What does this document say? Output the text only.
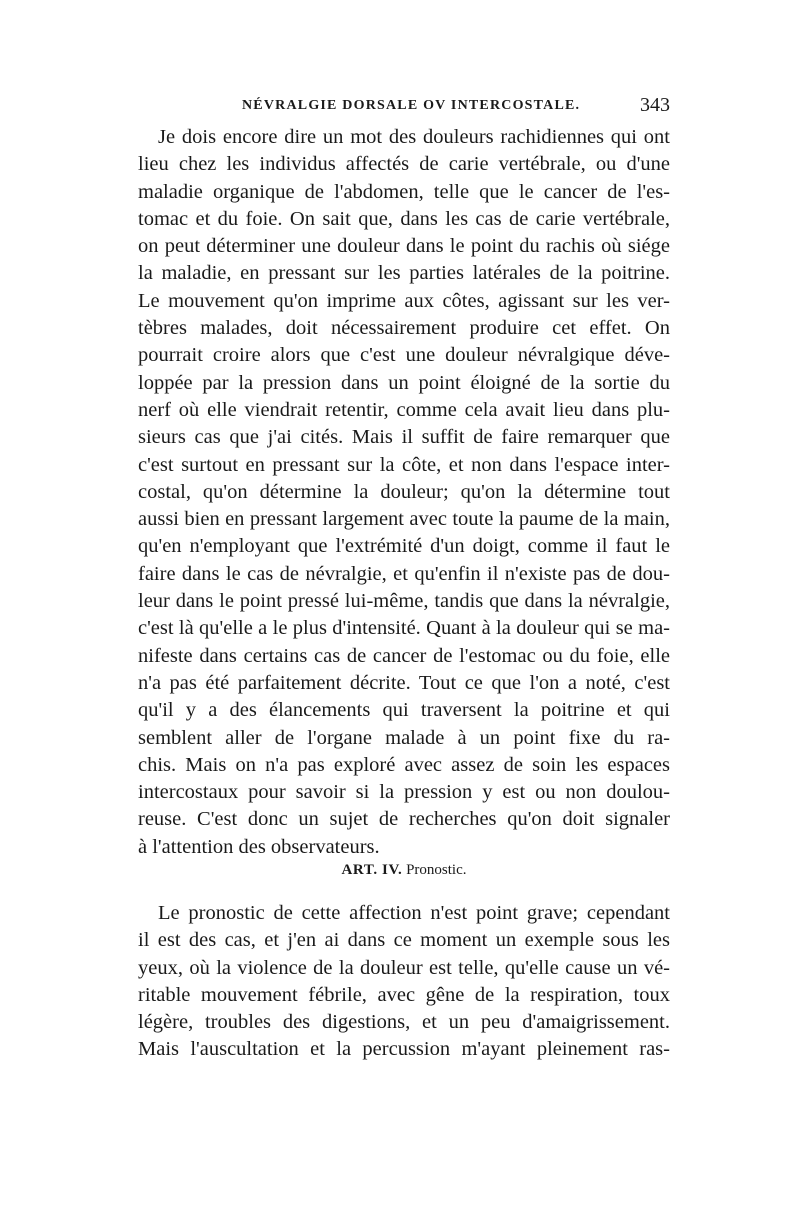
NÉVRALGIE DORSALE OV INTERCOSTALE.	343
Je dois encore dire un mot des douleurs rachidiennes qui ont
lieu chez les individus affectés de carie vertébrale, ou d'une
maladie organique de l'abdomen, telle que le cancer de l'es-
tomac et du foie. On sait que, dans les cas de carie vertébrale,
on peut déterminer une douleur dans le point du rachis où siége
la maladie, en pressant sur les parties latérales de la poitrine.
Le mouvement qu'on imprime aux côtes, agissant sur les ver-
tèbres malades, doit nécessairement produire cet effet. On
pourrait croire alors que c'est une douleur névralgique déve-
loppée par la pression dans un point éloigné de la sortie du
nerf où elle viendrait retentir, comme cela avait lieu dans plu-
sieurs cas que j'ai cités. Mais il suffit de faire remarquer que
c'est surtout en pressant sur la côte, et non dans l'espace inter-
costal, qu'on détermine la douleur; qu'on la détermine tout
aussi bien en pressant largement avec toute la paume de la main,
qu'en n'employant que l'extrémité d'un doigt, comme il faut le
faire dans le cas de névralgie, et qu'enfin il n'existe pas de dou-
leur dans le point pressé lui-même, tandis que dans la névralgie,
c'est là qu'elle a le plus d'intensité. Quant à la douleur qui se ma-
nifeste dans certains cas de cancer de l'estomac ou du foie, elle
n'a pas été parfaitement décrite. Tout ce que l'on a noté, c'est
qu'il y a des élancements qui traversent la poitrine et qui
semblent aller de l'organe malade à un point fixe du ra-
chis. Mais on n'a pas exploré avec assez de soin les espaces
intercostaux pour savoir si la pression y est ou non doulou-
reuse. C'est donc un sujet de recherches qu'on doit signaler
à l'attention des observateurs.
ART. IV. Pronostic.
Le pronostic de cette affection n'est point grave; cependant
il est des cas, et j'en ai dans ce moment un exemple sous les
yeux, où la violence de la douleur est telle, qu'elle cause un vé-
ritable mouvement fébrile, avec gêne de la respiration, toux
légère, troubles des digestions, et un peu d'amaigrissement.
Mais l'auscultation et la percussion m'ayant pleinement ras-
